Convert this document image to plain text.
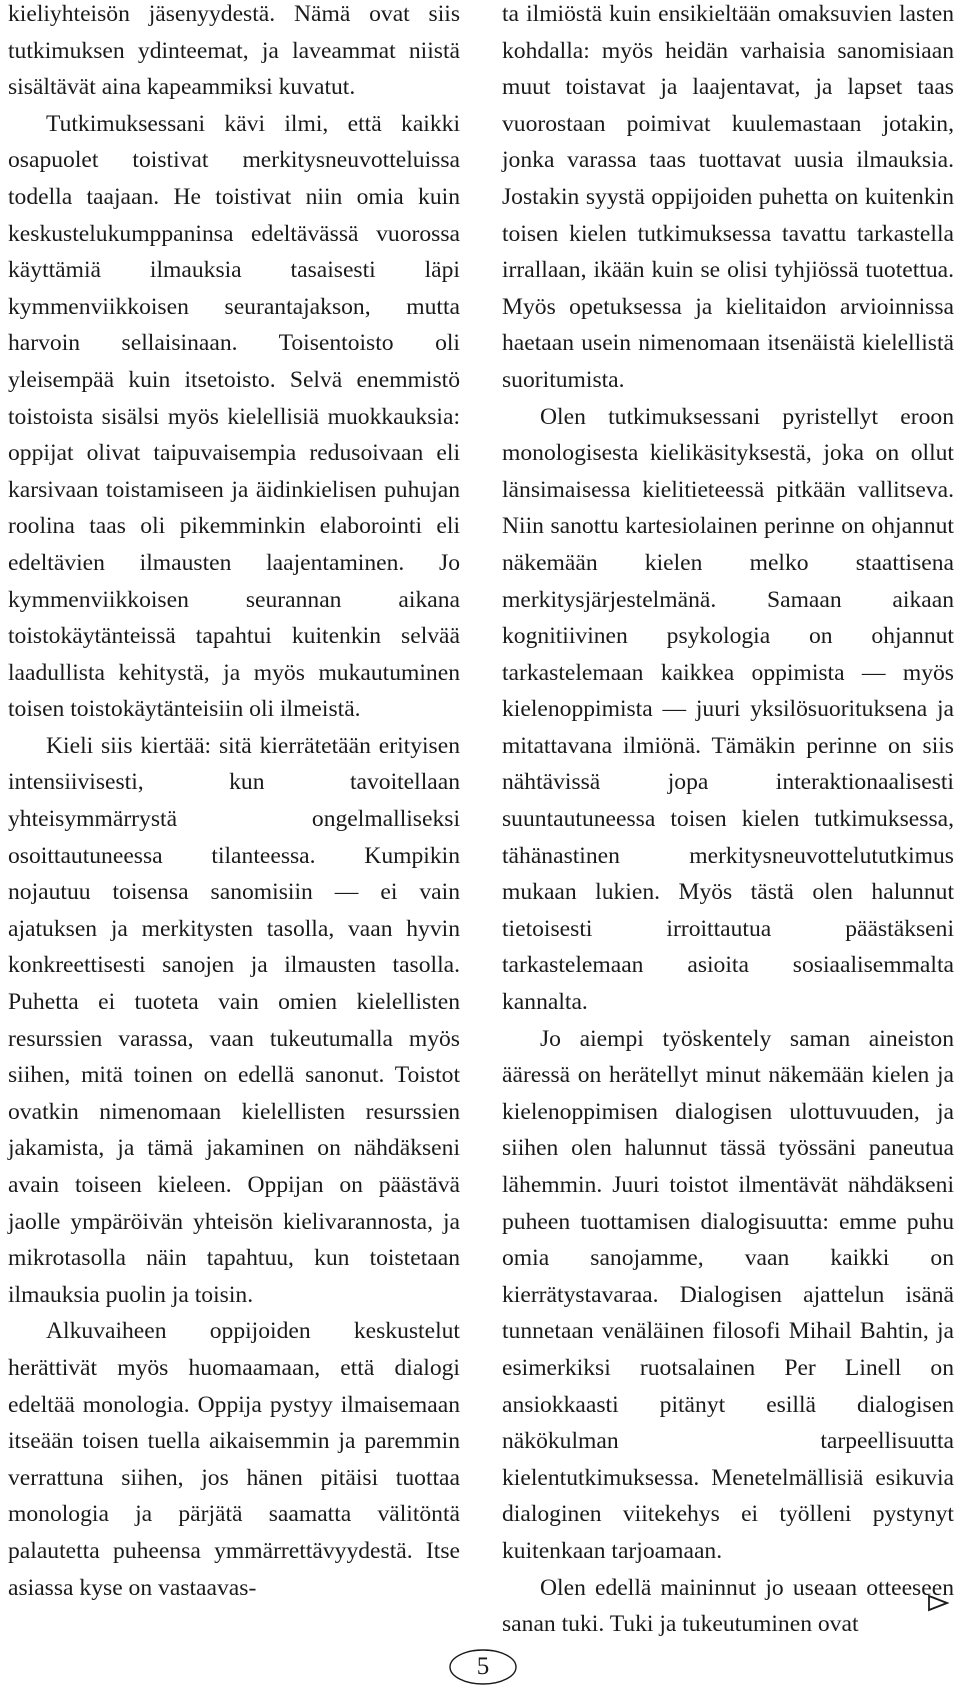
kieliyhteisön jäsenyydestä. Nämä ovat siis tutkimuksen ydinteemat, ja laveammat niistä sisältävät aina kapeammiksi kuvatut.

Tutkimuksessani kävi ilmi, että kaikki osapuolet toistivat merkitysneuvotteluissa todella taajaan. He toistivat niin omia kuin keskustelukumppaninsa edeltävässä vuorossa käyttämiä ilmauksia tasaisesti läpi kymmenviikkoisen seurantajakson, mutta harvoin sellaisinaan. Toisentoisto oli yleisempää kuin itsetoisto. Selvä enemmistö toistoista sisälsi myös kielellisiä muokkauksia: oppijat olivat taipuvaisempia redusoivaan eli karsivaan toistamiseen ja äidinkielisen puhujan roolina taas oli pikemminkin elaborointi eli edeltävien ilmausten laajentaminen. Jo kymmenviikkoisen seurannan aikana toistokäytänteissä tapahtui kuitenkin selvää laadullista kehitystä, ja myös mukautuminen toisen toistokäytänteisiin oli ilmeistä.

Kieli siis kiertää: sitä kierrätetään erityisen intensiivisesti, kun tavoitellaan yhteisymmärrystä ongelmalliseksi osoittautuneessa tilanteessa. Kumpikin nojautuu toisensa sanomisiin — ei vain ajatuksen ja merkitysten tasolla, vaan hyvin konkreettisesti sanojen ja ilmausten tasolla. Puhetta ei tuoteta vain omien kielellisten resurssien varassa, vaan tukeutumalla myös siihen, mitä toinen on edellä sanonut. Toistot ovatkin nimenomaan kielellisten resurssien jakamista, ja tämä jakaminen on nähdäkseni avain toiseen kieleen. Oppijan on päästävä jaolle ympäröivän yhteisön kielivarannosta, ja mikrotasolla näin tapahtuu, kun toistetaan ilmauksia puolin ja toisin.

Alkuvaiheen oppijoiden keskustelut herättivät myös huomaamaan, että dialogi edeltää monologia. Oppija pystyy ilmaisemaan itseään toisen tuella aikaisemmin ja paremmin verrattuna siihen, jos hänen pitäisi tuottaa monologia ja pärjätä saamatta välitöntä palautetta puheensa ymmärrettävyydestä. Itse asiassa kyse on vastaavas-

ta ilmiöstä kuin ensikieltään omaksuvien lasten kohdalla: myös heidän varhaisia sanomisiaan muut toistavat ja laajentavat, ja lapset taas vuorostaan poimivat kuulemastaan jotakin, jonka varassa taas tuottavat uusia ilmauksia. Jostakin syystä oppijoiden puhetta on kuitenkin toisen kielen tutkimuksessa tavattu tarkastella irrallaan, ikään kuin se olisi tyhjiössä tuotettua. Myös opetuksessa ja kielitaidon arvioinnissa haetaan usein nimenomaan itsenäistä kielellistä suoritumista.

Olen tutkimuksessani pyristellyt eroon monologisesta kielikäsityksestä, joka on ollut länsimaisessa kielitieteessä pitkään vallitseva. Niin sanottu kartesiolainen perinne on ohjannut näkemään kielen melko staattisena merkitysjärjestelmänä. Samaan aikaan kognitiivinen psykologia on ohjannut tarkastelemaan kaikkea oppimista — myös kielenoppimista — juuri yksilösuorituksena ja mitattavana ilmiönä. Tämäkin perinne on siis nähtävissä jopa interaktionaalisesti suuntautuneessa toisen kielen tutkimuksessa, tähänastinen merkitysneuvottelututkimus mukaan lukien. Myös tästä olen halunnut tietoisesti irroittautua päästäkseni tarkastelemaan asioita sosiaalisemmalta kannalta.

Jo aiempi työskentely saman aineiston ääressä on herätellyt minut näkemään kielen ja kielenoppimisen dialogisen ulottuvuuden, ja siihen olen halunnut tässä työssäni paneutua lähemmin. Juuri toistot ilmentävät nähdäkseni puheen tuottamisen dialogisuutta: emme puhu omia sanojamme, vaan kaikki on kierrätystavaraa. Dialogisen ajattelun isänä tunnetaan venäläinen filosofi Mihail Bahtin, ja esimerkiksi ruotsalainen Per Linell on ansiokkaasti pitänyt esillä dialogisen näkökulman tarpeellisuutta kielentutkimuksessa. Menetelmällisiä esikuvia dialoginen viitekehys ei työlleni pystynyt kuitenkaan tarjoamaan.

Olen edellä maininnut jo useaan otteeseen sanan tuki. Tuki ja tukeutuminen ovat

5
